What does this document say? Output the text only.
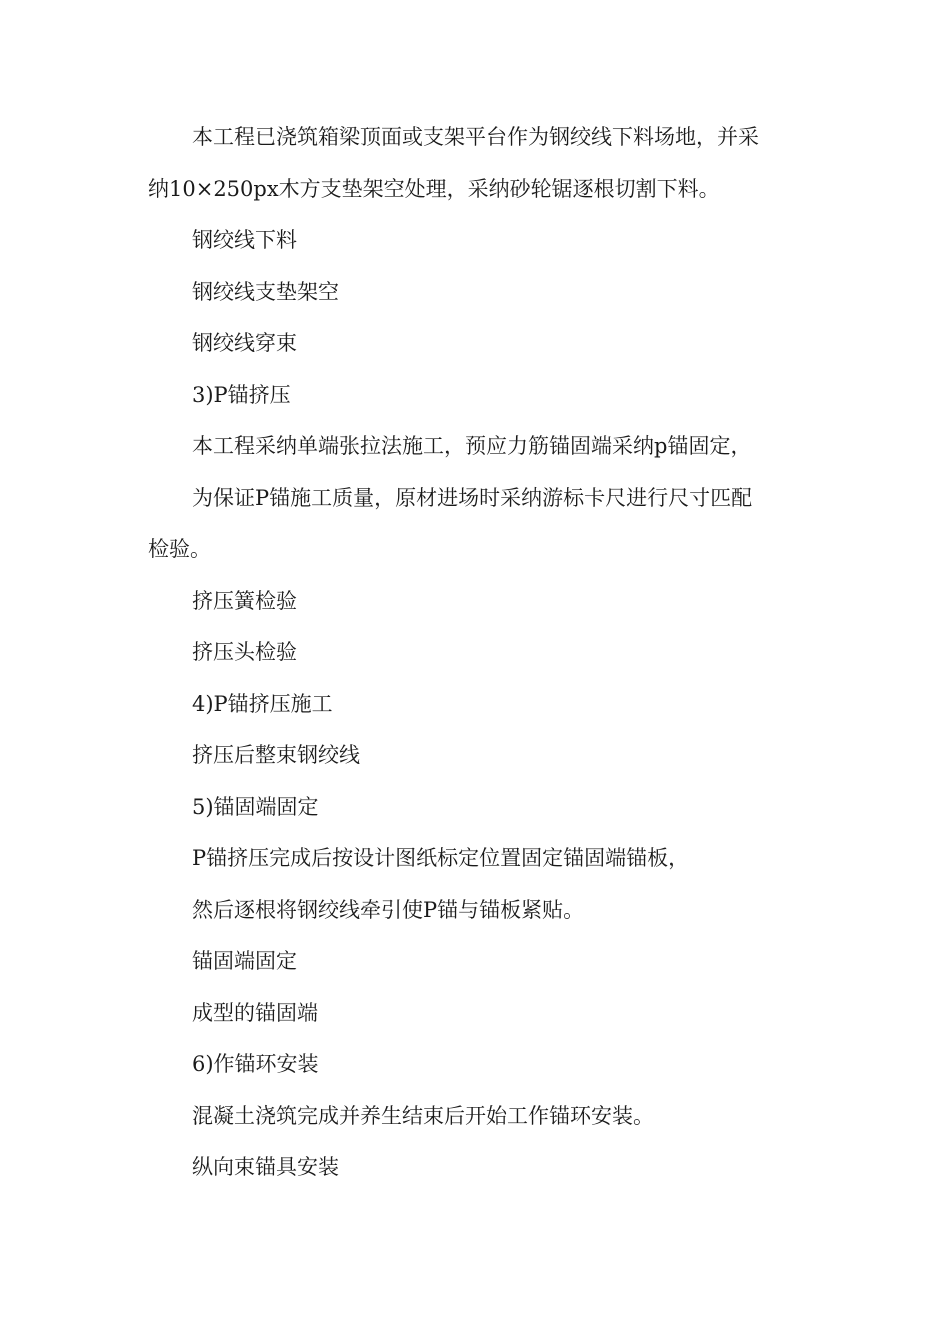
本工程已浇筑箱梁顶面或支架平台作为钢绞线下料场地，并采
纳10×250px木方支垫架空处理，采纳砂轮锯逐根切割下料。
钢绞线下料
钢绞线支垫架空
钢绞线穿束
3)P锚挤压
本工程采纳单端张拉法施工，预应力筋锚固端采纳p锚固定，
为保证P锚施工质量，原材进场时采纳游标卡尺进行尺寸匹配
检验。
挤压簧检验
挤压头检验
4)P锚挤压施工
挤压后整束钢绞线
5)锚固端固定
P锚挤压完成后按设计图纸标定位置固定锚固端锚板，
然后逐根将钢绞线牵引使P锚与锚板紧贴。
锚固端固定
成型的锚固端
6)作锚环安装
混凝土浇筑完成并养生结束后开始工作锚环安装。
纵向束锚具安装
